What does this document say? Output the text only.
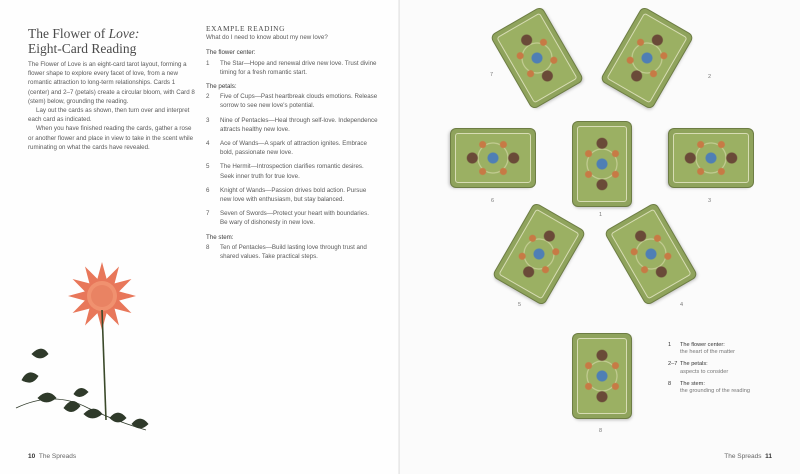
The Flower of Love:
Eight-Card Reading

The Flower of Love is an eight-card tarot layout, forming a flower shape to explore every facet of love, from a new romantic attraction to long-term relationships. Cards 1 (center) and 2–7 (petals) create a circular bloom, with Card 8 (stem) below, grounding the reading.

Lay out the cards as shown, then turn over and interpret each card as indicated.

When you have finished reading the cards, gather a rose or another flower and place in view to take in the scent while ruminating on what the cards have revealed.

EXAMPLE READING
What do I need to know about my new love?
The flower center:
1	The Star—Hope and renewal drive new love. Trust divine timing for a fresh romantic start.
The petals:
2	Five of Cups—Past heartbreak clouds emotions. Release sorrow to see new love's potential.
3	Nine of Pentacles—Heal through self-love. Independence attracts healthy new love.
4	Ace of Wands—A spark of attraction ignites. Embrace bold, passionate new love.
5	The Hermit—Introspection clarifies romantic desires. Seek inner truth for true love.
6	Knight of Wands—Passion drives bold action. Pursue new love with enthusiasm, but stay balanced.
7	Seven of Swords—Protect your heart with boundaries. Be wary of dishonesty in new love.
The stem:
8	Ten of Pentacles—Build lasting love through trust and shared values. Take practical steps.
10 The Spreads
7	2
1
6	3
5	4
8
The Spreads 11
1	The flower center:
the heart of the matter
2–7 The petals:
aspects to consider
8	The stem:
the grounding of the reading
